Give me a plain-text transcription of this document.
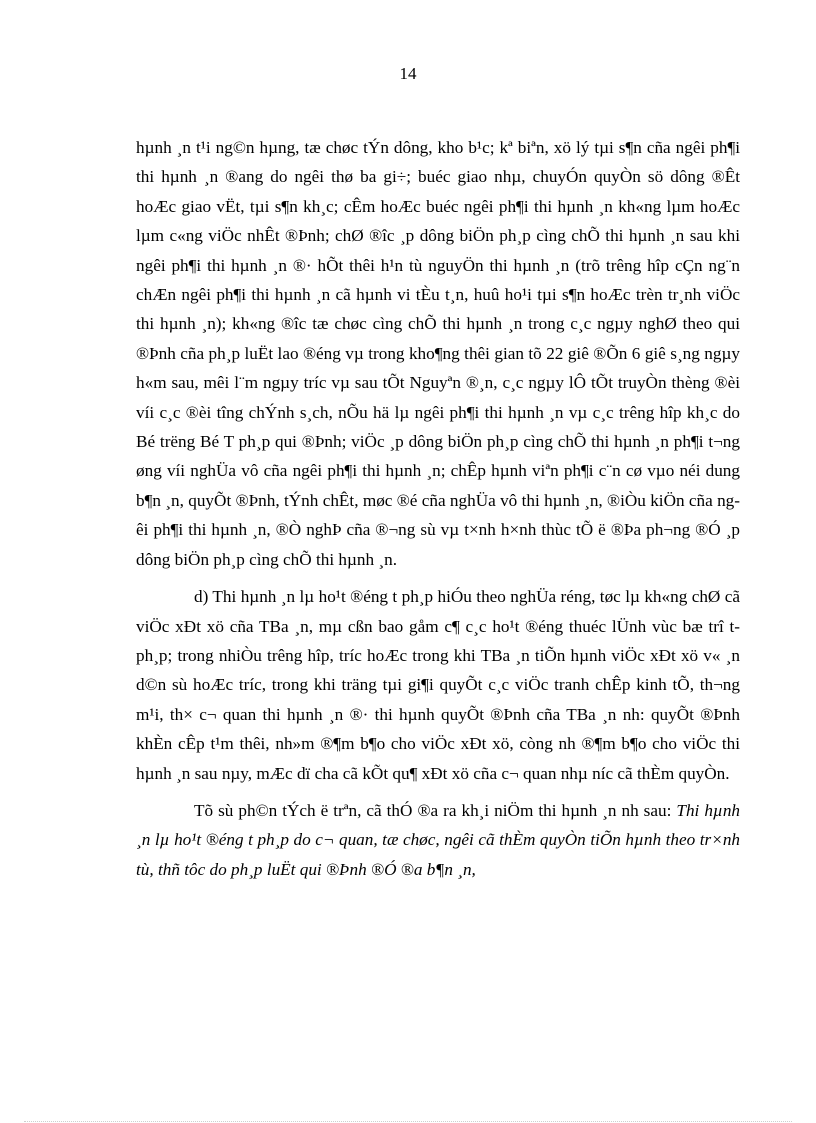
14

hµnh ¸n t¹i ng©n hµng, tæ chøc tÝn dông, kho b¹c; kª biªn, xö lý tµi s¶n cña ngêi ph¶i thi hµnh ¸n ®ang do ngêi thø ba gi÷; buéc giao nhµ, chuyÓn quyÒn sö dông ®Êt hoÆc giao vËt, tµi s¶n kh¸c; cÊm hoÆc buéc ngêi ph¶i thi hµnh ¸n kh«ng lµm hoÆc lµm c«ng viÖc nhÊt ®Þnh; chØ ®îc ¸p dông biÖn ph¸p cìng chÕ thi hµnh ¸n sau khi ngêi ph¶i thi hµnh ¸n ®· hÕt thêi h¹n tù nguyÖn thi hµnh ¸n (trõ trêng hîp cÇn ng¨n chÆn ngêi ph¶i thi hµnh ¸n cã hµnh vi tÈu t¸n, huû ho¹i tµi s¶n hoÆc trèn tr¸nh viÖc thi hµnh ¸n); kh«ng ®îc tæ chøc cìng chÕ thi hµnh ¸n trong c¸c ngµy nghØ theo qui ®Þnh cña ph¸p luËt lao ®éng vµ trong kho¶ng thêi gian tõ 22 giê ®Õn 6 giê s¸ng ngµy h«m sau, mêi l¨m ngµy tríc vµ sau tÕt Nguyªn ®¸n, c¸c ngµy lÔ tÕt truyÒn thèng ®èi víi c¸c ®èi tîng chÝnh s¸ch, nÕu hä lµ ngêi ph¶i thi hµnh ¸n vµ c¸c trêng hîp kh¸c do Bé trëng Bé T ph¸p qui ®Þnh; viÖc ¸p dông biÖn ph¸p cìng chÕ thi hµnh ¸n ph¶i t¬ng øng víi nghÜa vô cña ngêi ph¶i thi hµnh ¸n; chÊp hµnh viªn ph¶i c¨n cø vµo néi dung b¶n ¸n, quyÕt ®Þnh, tÝnh chÊt, møc ®é cña nghÜa vô thi hµnh ¸n, ®iÒu kiÖn cña ngêi ph¶i thi hµnh ¸n, ®Ò nghÞ cña ®¬ng sù vµ t×nh h×nh thùc tÕ ë ®Þa ph¬ng ®Ó ¸p dông biÖn ph¸p cìng chÕ thi hµnh ¸n.

d) Thi hµnh ¸n lµ ho¹t ®éng t ph¸p hiÓu theo nghÜa réng, tøc lµ kh«ng chØ cã viÖc xÐt xö cña TBa ¸n, mµ cßn bao gåm c¶ c¸c ho¹t ®éng thuéc lÜnh vùc bæ trî t ph¸p; trong nhiÒu trêng hîp, tríc hoÆc trong khi TBa ¸n tiÕn hµnh viÖc xÐt xö v« ¸n d©n sù hoÆc tríc, trong khi träng tµi gi¶i quyÕt c¸c viÖc tranh chÊp kinh tÕ, th¬ng m¹i, th× c¬ quan thi hµnh ¸n ®· thi hµnh quyÕt ®Þnh cña TBa ¸n nh: quyÕt ®Þnh khÈn cÊp t¹m thêi, nh»m ®¶m b¶o cho viÖc xÐt xö, còng nh ®¶m b¶o cho viÖc thi hµnh ¸n sau nµy, mÆc dï cha cã kÕt qu¶ xÐt xö cña c¬ quan nhµ níc cã thÈm quyÒn.

Tõ sù ph©n tÝch ë trªn, cã thÓ ®a ra kh¸i niÖm thi hµnh ¸n nh sau: Thi hµnh ¸n lµ ho¹t ®éng t ph¸p do c¬ quan, tæ chøc, ngêi cã thÈm quyÒn tiÕn hµnh theo tr×nh tù, thñ tôc do ph¸p luËt qui ®Þnh ®Ó ®a b¶n ¸n,
